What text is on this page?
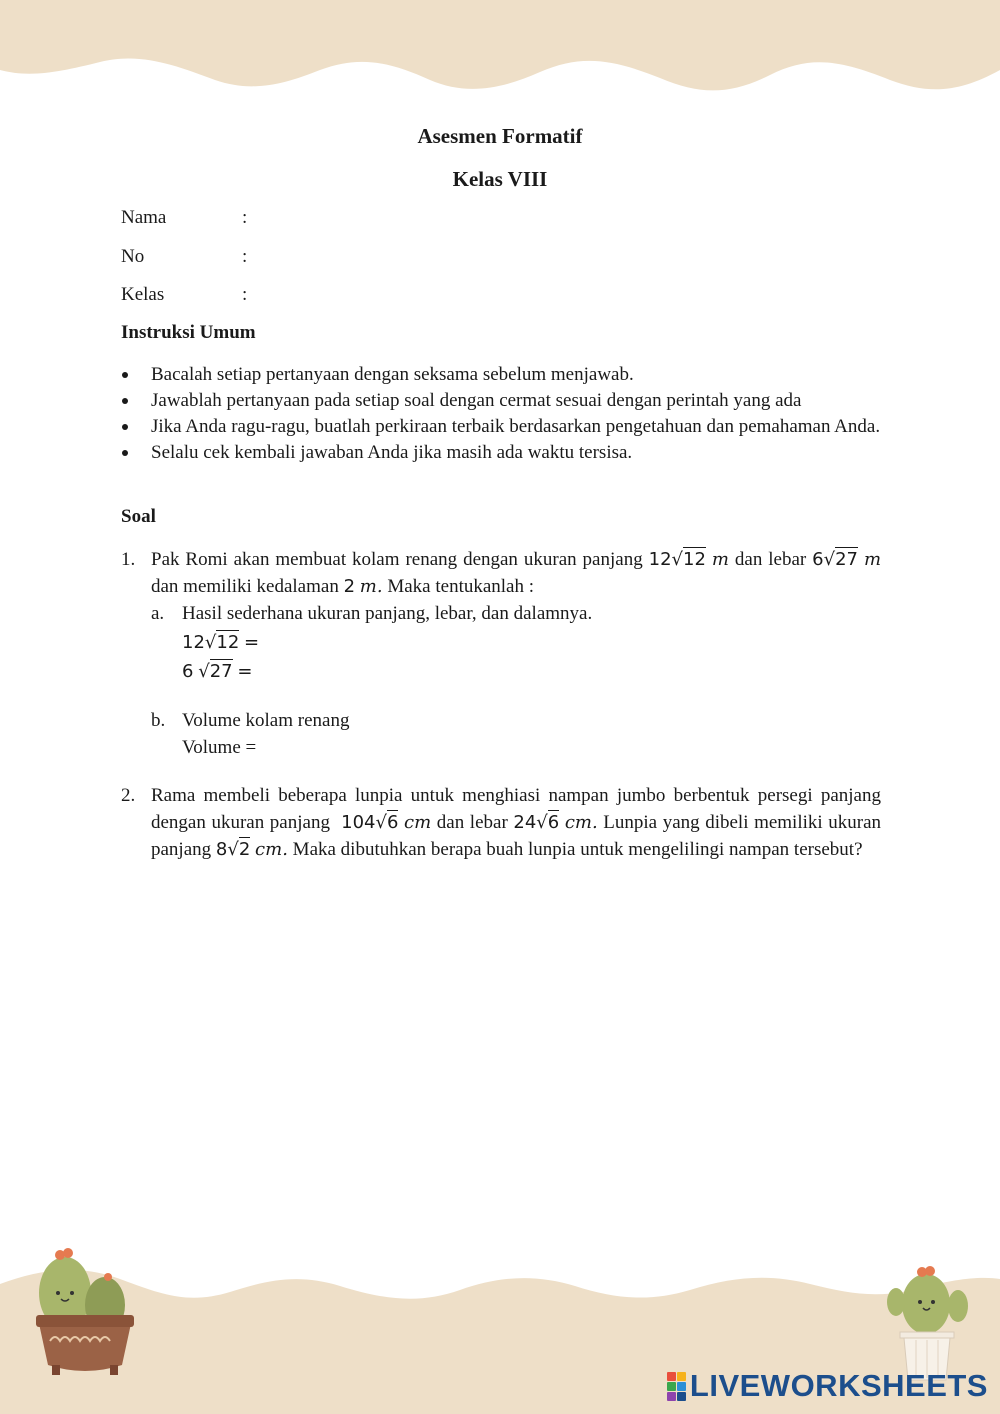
Asesmen Formatif
Kelas VIII
Nama	:
No	:
Kelas	:
Instruksi Umum
Bacalah setiap pertanyaan dengan seksama sebelum menjawab.
Jawablah pertanyaan pada setiap soal dengan cermat sesuai dengan perintah yang ada
Jika Anda ragu-ragu, buatlah perkiraan terbaik berdasarkan pengetahuan dan pemahaman Anda.
Selalu cek kembali jawaban Anda jika masih ada waktu tersisa.
Soal
1. Pak Romi akan membuat kolam renang dengan ukuran panjang 12√12 m dan lebar 6√27 m dan memiliki kedalaman 2 m. Maka tentukanlah :
a. Hasil sederhana ukuran panjang, lebar, dan dalamnya.
12√12 =
6 √27 =
b. Volume kolam renang
Volume =
2. Rama membeli beberapa lunpia untuk menghiasi nampan jumbo berbentuk persegi panjang dengan ukuran panjang 104√6 cm dan lebar 24√6 cm. Lunpia yang dibeli memiliki ukuran panjang 8√2 cm. Maka dibutuhkan berapa buah lunpia untuk mengelilingi nampan tersebut?
LIVEWORKSHEETS
